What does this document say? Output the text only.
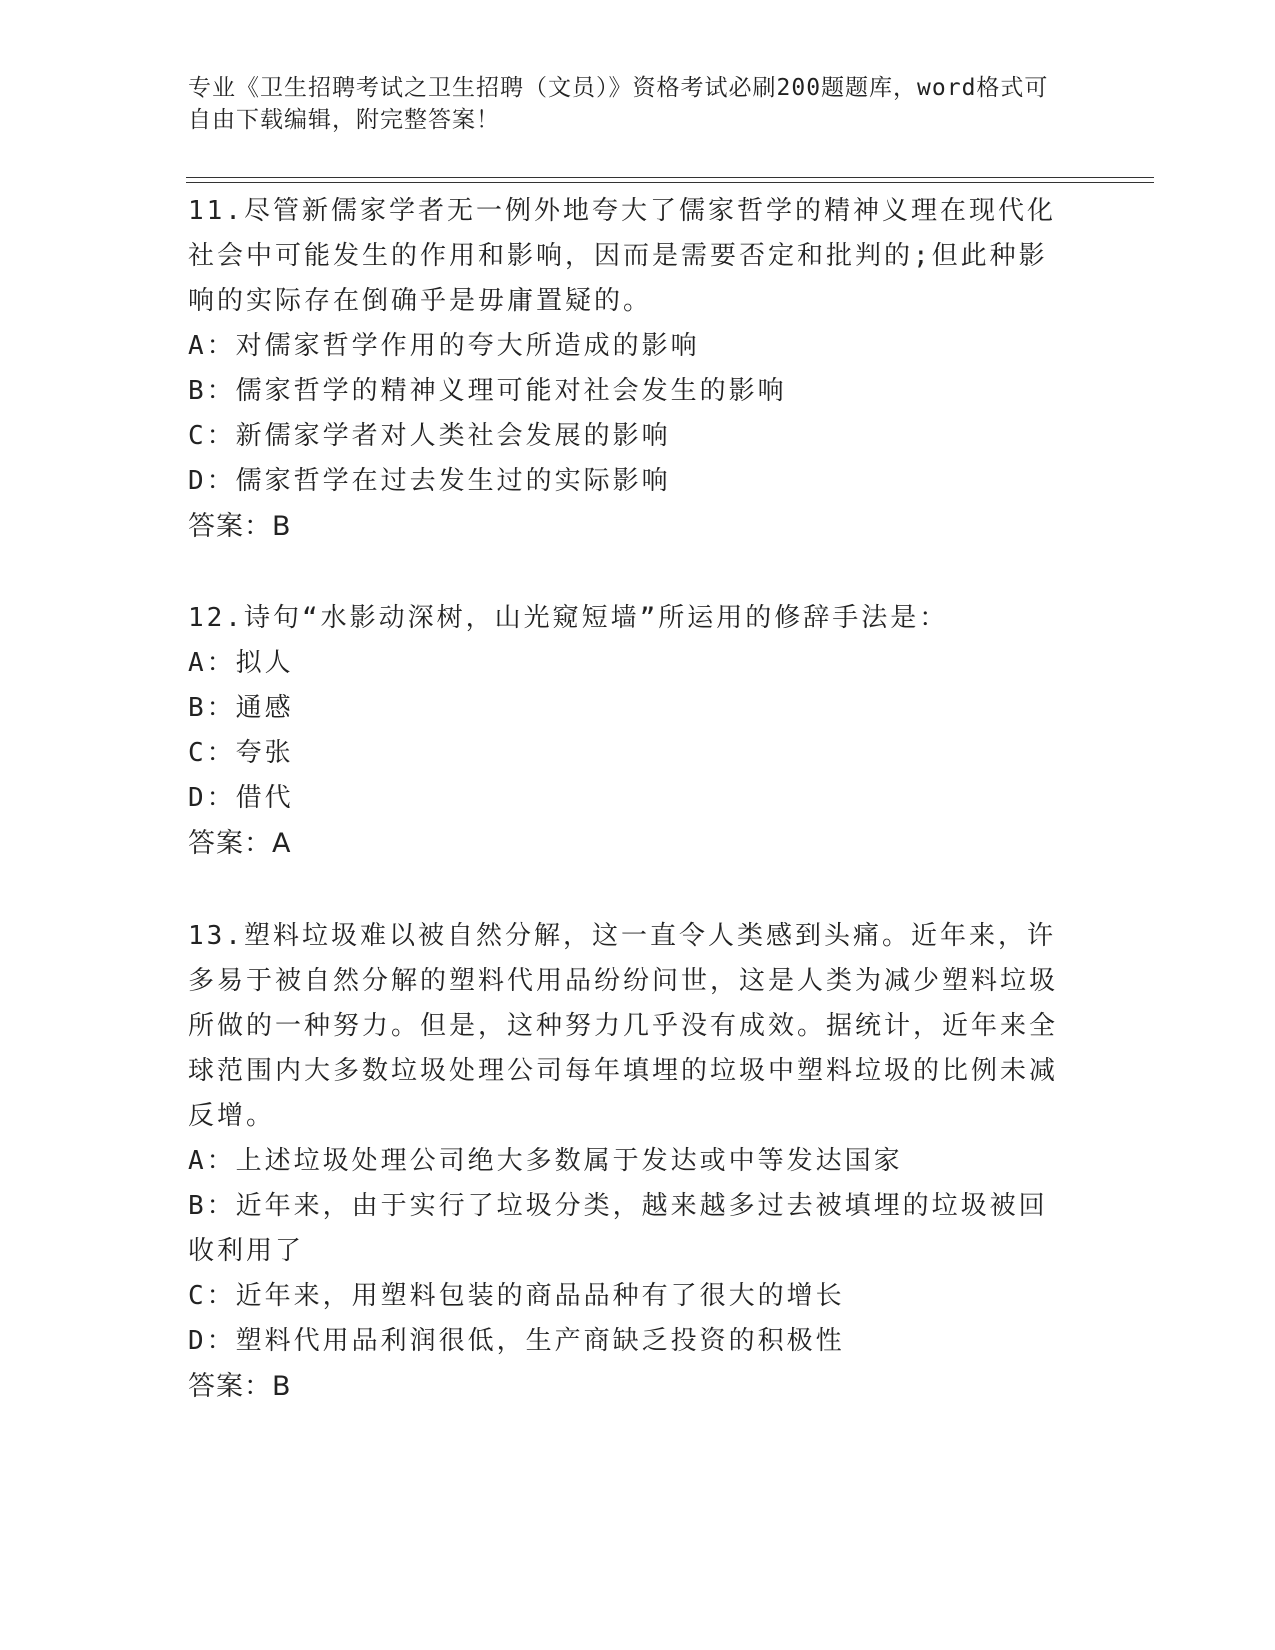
专业《卫生招聘考试之卫生招聘（文员）》资格考试必刷200题题库，word格式可自由下载编辑，附完整答案！
11.尽管新儒家学者无一例外地夸大了儒家哲学的精神义理在现代化社会中可能发生的作用和影响，因而是需要否定和批判的;但此种影响的实际存在倒确乎是毋庸置疑的。
A：对儒家哲学作用的夸大所造成的影响
B：儒家哲学的精神义理可能对社会发生的影响
C：新儒家学者对人类社会发展的影响
D：儒家哲学在过去发生过的实际影响
答案：B
12.诗句“水影动深树，山光窥短墙”所运用的修辞手法是：
A：拟人
B：通感
C：夸张
D：借代
答案：A
13.塑料垃圾难以被自然分解，这一直令人类感到头痛。近年来，许多易于被自然分解的塑料代用品纷纷问世，这是人类为减少塑料垃圾所做的一种努力。但是，这种努力几乎没有成效。据统计，近年来全球范围内大多数垃圾处理公司每年填埋的垃圾中塑料垃圾的比例未减反增。
A：上述垃圾处理公司绝大多数属于发达或中等发达国家
B：近年来，由于实行了垃圾分类，越来越多过去被填埋的垃圾被回收利用了
C：近年来，用塑料包装的商品品种有了很大的增长
D：塑料代用品利润很低，生产商缺乏投资的积极性
答案：B
